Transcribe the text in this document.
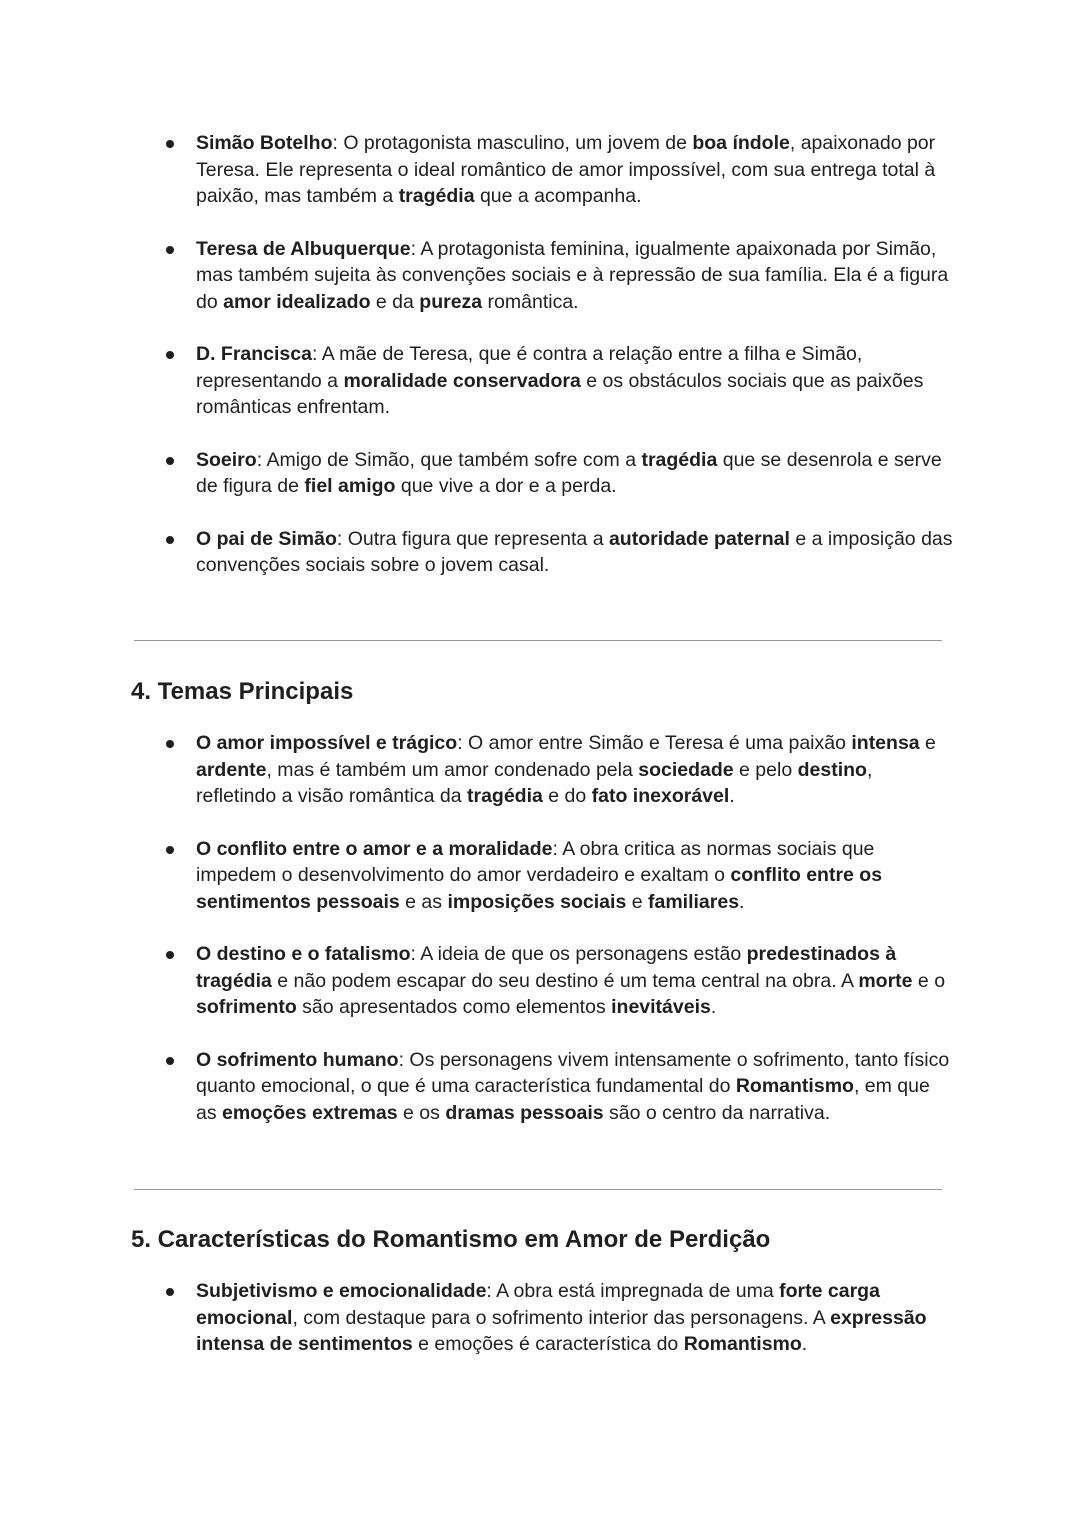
Simão Botelho: O protagonista masculino, um jovem de boa índole, apaixonado por Teresa. Ele representa o ideal romântico de amor impossível, com sua entrega total à paixão, mas também a tragédia que a acompanha.
Teresa de Albuquerque: A protagonista feminina, igualmente apaixonada por Simão, mas também sujeita às convenções sociais e à repressão de sua família. Ela é a figura do amor idealizado e da pureza romântica.
D. Francisca: A mãe de Teresa, que é contra a relação entre a filha e Simão, representando a moralidade conservadora e os obstáculos sociais que as paixões românticas enfrentam.
Soeiro: Amigo de Simão, que também sofre com a tragédia que se desenrola e serve de figura de fiel amigo que vive a dor e a perda.
O pai de Simão: Outra figura que representa a autoridade paternal e a imposição das convenções sociais sobre o jovem casal.
4. Temas Principais
O amor impossível e trágico: O amor entre Simão e Teresa é uma paixão intensa e ardente, mas é também um amor condenado pela sociedade e pelo destino, refletindo a visão romântica da tragédia e do fato inexorável.
O conflito entre o amor e a moralidade: A obra critica as normas sociais que impedem o desenvolvimento do amor verdadeiro e exaltam o conflito entre os sentimentos pessoais e as imposições sociais e familiares.
O destino e o fatalismo: A ideia de que os personagens estão predestinados à tragédia e não podem escapar do seu destino é um tema central na obra. A morte e o sofrimento são apresentados como elementos inevitáveis.
O sofrimento humano: Os personagens vivem intensamente o sofrimento, tanto físico quanto emocional, o que é uma característica fundamental do Romantismo, em que as emoções extremas e os dramas pessoais são o centro da narrativa.
5. Características do Romantismo em Amor de Perdição
Subjetivismo e emocionalidade: A obra está impregnada de uma forte carga emocional, com destaque para o sofrimento interior das personagens. A expressão intensa de sentimentos e emoções é característica do Romantismo.
